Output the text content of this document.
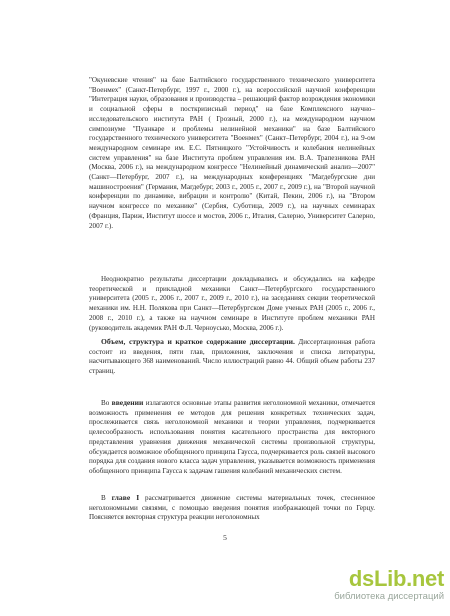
"Окуневские чтения" на базе Балтийского государственного технического университета "Военмех" (Санкт-Петербург, 1997 г., 2000 г.), на всероссийской научной конференции "Интеграция науки, образования и производства – решающий фактор возрождения экономики и социальной сферы в посткризисный период" на базе Комплексного научно–исследовательского института РАН ( Грозный, 2000 г.), на международном научном симпозиуме "Пуанкаре и проблемы нелинейной механики" на базе Балтийского государственного технического университета "Военмех" (Санкт–Петербург, 2004 г.), на 9-ом международном семинаре им. Е.С. Пятницкого "Устойчивость и колебания нелинейных систем управления" на базе Института проблем управления им. В.А. Трапезникова РАН (Москва, 2006 г.), на международном конгрессе "Нелинейный динамический анализ—2007" (Санкт—Петербург, 2007 г.), на международных конференциях "Магдебургские дни машиностроения" (Германия, Магдебург, 2003 г., 2005 г., 2007 г., 2009 г.), на "Второй научной конференции по динамике, вибрации и контролю" (Китай, Пекин, 2006 г.), на "Втором научном конгрессе по механике" (Сербия, Суботица, 2009 г.), на научных семинарах (Франция, Париж, Институт шоссе и мостов, 2006 г., Италия, Салерно, Университет Салерно, 2007 г.).

Неоднократно результаты диссертации докладывались и обсуждались на кафедре теоретической и прикладной механики Санкт—Петербургского государственного университета (2005 г., 2006 г., 2007 г., 2009 г., 2010 г.), на заседаниях секции теоретической механики им. Н.Н. Полякова при Санкт—Петербургском Доме ученых РАН (2005 г., 2006 г., 2008 г., 2010 г.), а также на научном семинаре в Институте проблем механики РАН (руководитель академик РАН Ф.Л. Черноусько, Москва, 2006 г.).

Объем, структура и краткое содержание диссертации. Диссертационная работа состоит из введения, пяти глав, приложения, заключения и списка литературы, насчитывающего 368 наименований. Число иллюстраций равно 44. Общий объем работы 237 страниц.

Во введении излагаются основные этапы развития неголономной механики, отмечается возможность применения ее методов для решения конкретных технических задач, прослеживается связь неголономной механики и теории управления, подчеркивается целесообразность использования понятия касательного пространства для векторного представления уравнения движения механической системы произвольной структуры, обсуждается возможное обобщенного принципа Гаусса, подчеркивается роль связей высокого порядка для создания нового класса задач управления, указывается возможность применения обобщенного принципа Гаусса к задачам гашения колебаний механических систем.

В главе I рассматривается движение системы материальных точек, стесненное неголономными связями, с помощью введения понятия изображающей точки по Герцу. Поясняется векторная структура реакции неголономных

5
dsLib.net
библиотека диссертаций
